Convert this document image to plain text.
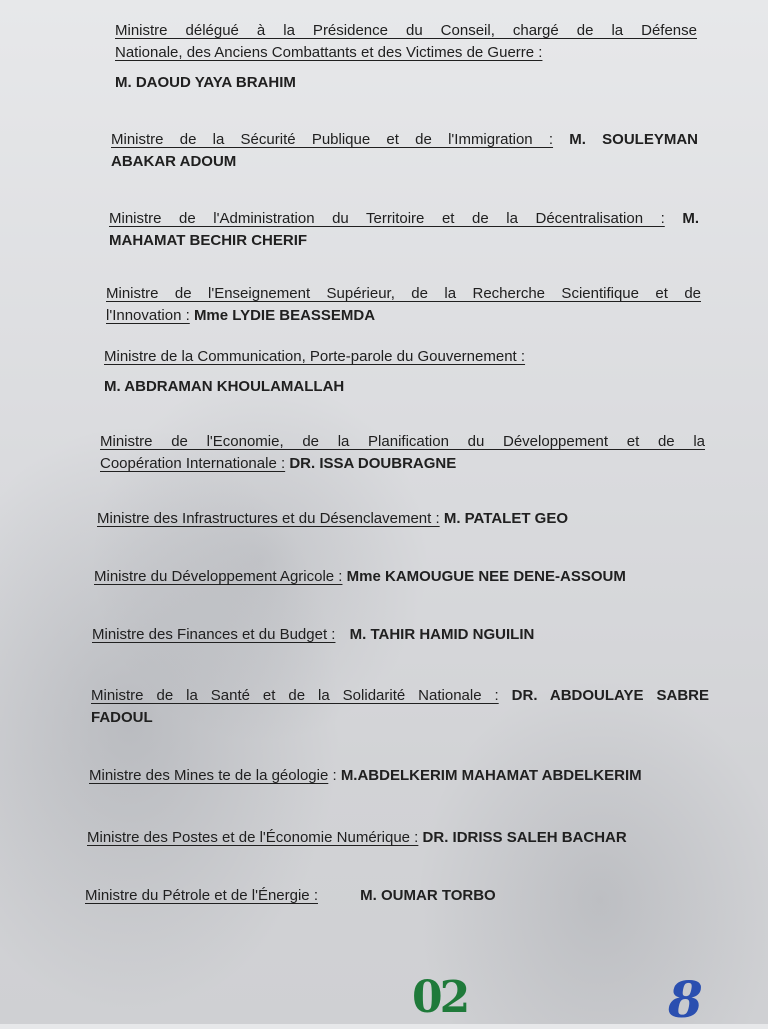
Ministre délégué à la Présidence du Conseil, chargé de la Défense
Nationale, des Anciens Combattants et des Victimes de Guerre :
M. DAOUD YAYA BRAHIM
Ministre de la Sécurité Publique et de l'Immigration : M. SOULEYMAN
ABAKAR ADOUM
Ministre de l'Administration du Territoire et de la Décentralisation : M.
MAHAMAT BECHIR CHERIF
Ministre de l'Enseignement Supérieur, de la Recherche Scientifique et de
l'Innovation : Mme LYDIE BEASSEMDA
Ministre de la Communication, Porte-parole du Gouvernement :
M. ABDRAMAN KHOULAMALLAH
Ministre de l'Economie, de la Planification du Développement et de la
Coopération Internationale : DR. ISSA DOUBRAGNE
Ministre des Infrastructures et du Désenclavement : M. PATALET GEO
Ministre du Développement Agricole : Mme KAMOUGUE NEE DENE-ASSOUM
Ministre des Finances et du Budget : M. TAHIR HAMID NGUILIN
Ministre de la Santé et de la Solidarité Nationale : DR. ABDOULAYE SABRE
FADOUL
Ministre des Mines te de la géologie : M.ABDELKERIM MAHAMAT ABDELKERIM
Ministre des Postes et de l'Économie Numérique : DR. IDRISS SALEH BACHAR
Ministre du Pétrole et de l'Énergie :	M. OUMAR TORBO
02	8
